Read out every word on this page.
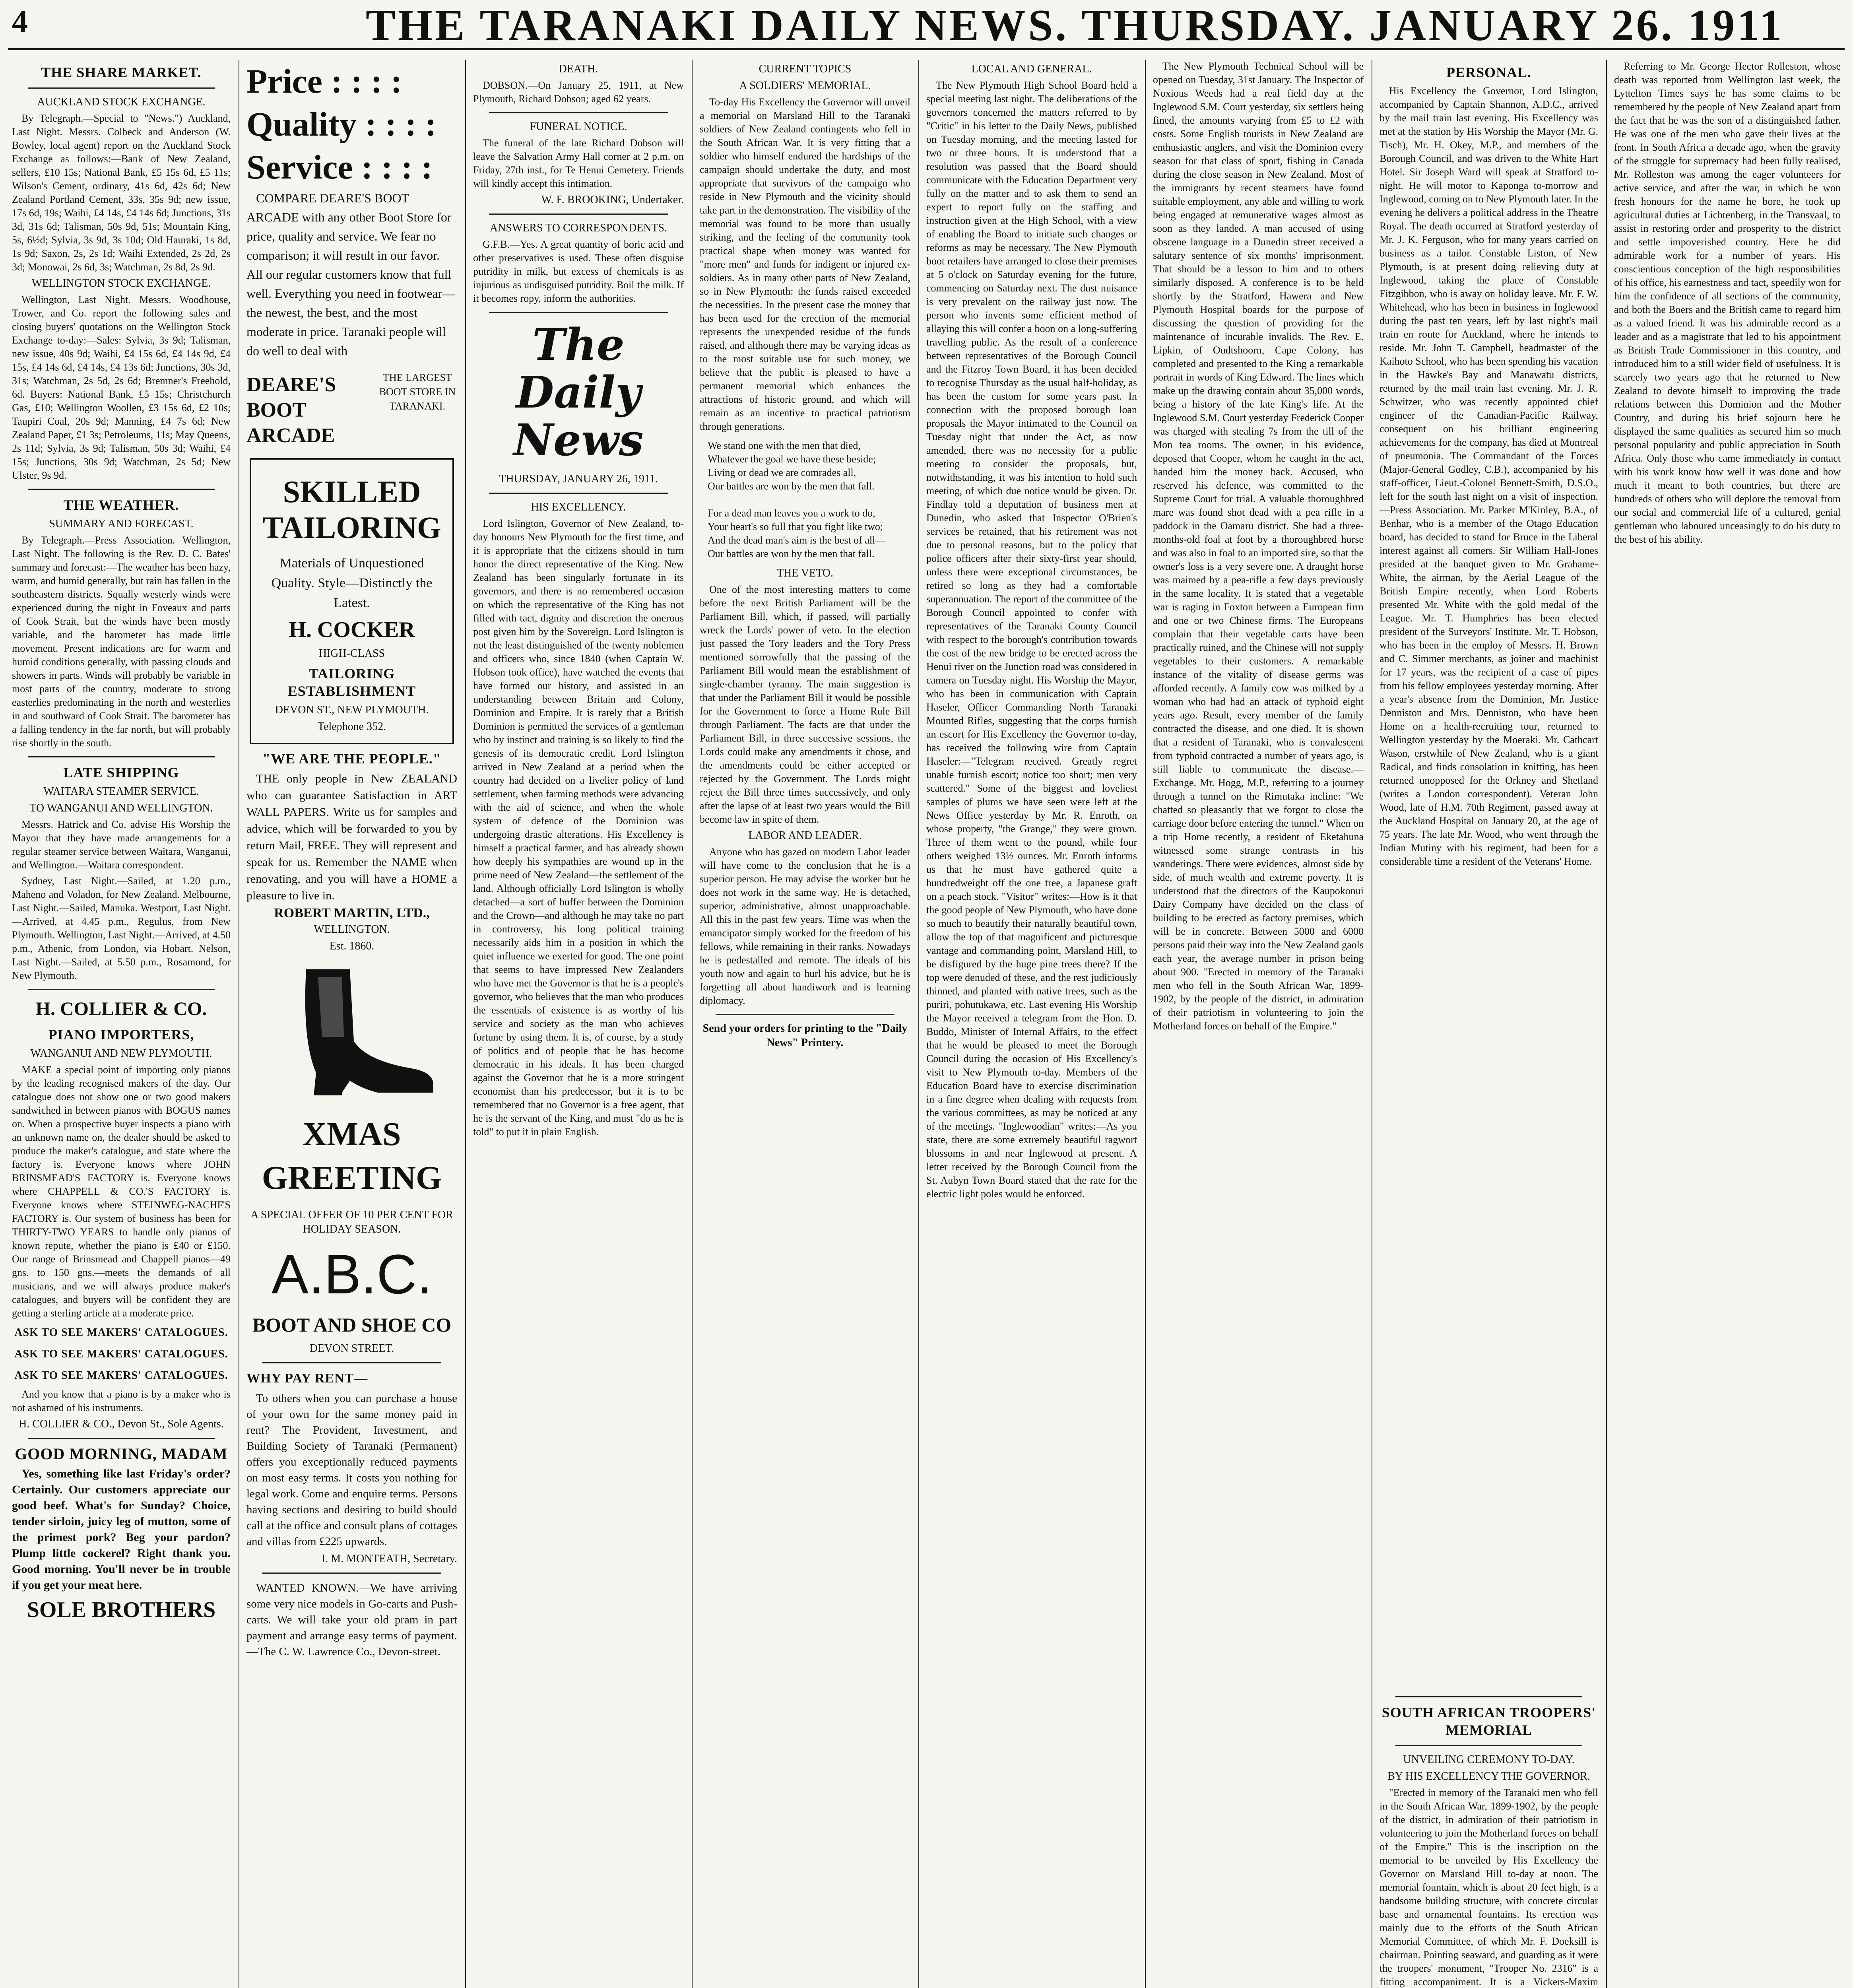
4	THE TARANAKI DAILY NEWS. THURSDAY. JANUARY 26. 1911
THE SHARE MARKET.
AUCKLAND STOCK EXCHANGE.

By Telegraph.—Special to "News.") Auckland, Last Night. Messrs. Colbeck and Anderson (W. Bowley, local agent) report on the Auckland Stock Exchange as follows:—Bank of New Zealand, sellers, £10 15s; National Bank, £5 15s 6d, £5 11s; Wilson's Cement, ordinary, 41s 6d, 42s 6d; New Zealand Portland Cement, 33s, 35s 9d; new issue, 17s 6d, 19s; Waihi, £4 14s, £4 14s 6d; Junctions, 31s 3d, 31s 6d; Talisman, 50s 9d, 51s; Mountain King, 5s, 6½d; Sylvia, 3s 9d, 3s 10d; Old Hauraki, 1s 8d, 1s 9d; Saxon, 2s, 2s 1d; Waihi Extended, 2s 2d, 2s 3d; Monowai, 2s 6d, 3s; Watchman, 2s 8d, 2s 9d.

WELLINGTON STOCK EXCHANGE.

Wellington, Last Night. Messrs. Woodhouse, Trower, and Co. report the following sales and closing buyers' quotations on the Wellington Stock Exchange to-day:—Sales: Sylvia, 3s 9d; Talisman, new issue, 40s 9d; Waihi, £4 15s 6d, £4 14s 9d, £4 15s, £4 14s 6d, £4 14s, £4 13s 6d; Junctions, 30s 3d, 31s; Watchman, 2s 5d, 2s 6d; Bremner's Freehold, 6d. Buyers: National Bank, £5 15s; Christchurch Gas, £10; Wellington Woollen, £3 15s 6d, £2 10s; Taupiri Coal, 20s 9d; Manning, £4 7s 6d; New Zealand Paper, £1 3s; Petroleums, 11s; May Queens, 2s 11d; Sylvia, 3s 9d; Talisman, 50s 3d; Waihi, £4 15s; Junctions, 30s 9d; Watchman, 2s 5d; New Ulster, 9s 9d.

THE WEATHER.
SUMMARY AND FORECAST.

By Telegraph.—Press Association. Wellington, Last Night. The following is the Rev. D. C. Bates' summary and forecast:—The weather has been hazy, warm, and humid generally, but rain has fallen in the southeastern districts. Squally westerly winds were experienced during the night in Foveaux and parts of Cook Strait, but the winds have been mostly variable, and the barometer has made little movement. Present indications are for warm and humid conditions generally, with passing clouds and showers in parts. Winds will probably be variable in most parts of the country, moderate to strong easterlies predominating in the north and westerlies in and southward of Cook Strait. The barometer has a falling tendency in the far north, but will probably rise shortly in the south.

LATE SHIPPING
WAITARA STEAMER SERVICE.
TO WANGANUI AND WELLINGTON.

Messrs. Hatrick and Co. advise His Worship the Mayor that they have made arrangements for a regular steamer service between Waitara, Wanganui, and Wellington.—Waitara correspondent.

Sydney, Last Night.—Sailed, at 1.20 p.m., Maheno and Voladon, for New Zealand. Melbourne, Last Night.—Sailed, Manuka. Westport, Last Night.—Arrived, at 4.45 p.m., Regulus, from New Plymouth. Wellington, Last Night.—Arrived, at 4.50 p.m., Athenic, from London, via Hobart. Nelson, Last Night.—Sailed, at 5.50 p.m., Rosamond, for New Plymouth.

H. COLLIER & CO.
PIANO IMPORTERS,
WANGANUI AND NEW PLYMOUTH.

MAKE a special point of importing only pianos by the leading recognised makers of the day. Our catalogue does not show one or two good makers sandwiched in between pianos with BOGUS names on. When a prospective buyer inspects a piano with an unknown name on, the dealer should be asked to produce the maker's catalogue, and state where the factory is. Everyone knows where JOHN BRINSMEAD'S FACTORY is. Everyone knows where CHAPPELL & CO.'S FACTORY is. Everyone knows where STEINWEG-NACHF'S FACTORY is. Our system of business has been for THIRTY-TWO YEARS to handle only pianos of known repute, whether the piano is £40 or £150. Our range of Brinsmead and Chappell pianos—49 gns. to 150 gns.—meets the demands of all musicians, and we will always produce maker's catalogues, and buyers will be confident they are getting a sterling article at a moderate price.

ASK TO SEE MAKERS' CATALOGUES.
ASK TO SEE MAKERS' CATALOGUES.
ASK TO SEE MAKERS' CATALOGUES.

And you know that a piano is by a maker who is not ashamed of his instruments.

H. COLLIER & CO., Devon St., Sole Agents.
GOOD MORNING, MADAM

Yes, something like last Friday's order? Certainly. Our customers appreciate our good beef. What's for Sunday? Choice, tender sirloin, juicy leg of mutton, some of the primest pork? Beg your pardon? Plump little cockerel? Right thank you. Good morning. You'll never be in trouble if you get your meat here.

SOLE BROTHERS
Price : : : :
Quality : : : :
Service : : : :

COMPARE DEARE'S BOOT ARCADE with any other Boot Store for price, quality and service. We fear no comparison; it will result in our favor. All our regular customers know that full well. Everything you need in footwear—the newest, the best, and the most moderate in price. Taranaki people will do well to deal with

DEARE'S BOOT ARCADE
THE LARGEST BOOT STORE IN TARANAKI.
SKILLED TAILORING

Materials of Unquestioned Quality. Style—Distinctly the Latest.

H. COCKER
HIGH-CLASS
TAILORING ESTABLISHMENT
DEVON ST., NEW PLYMOUTH.
Telephone 352.
"WE ARE THE PEOPLE."

THE only people in New ZEALAND who can guarantee Satisfaction in ART WALL PAPERS. Write us for samples and advice, which will be forwarded to you by return Mail, FREE. They will represent and speak for us. Remember the NAME when renovating, and you will have a HOME a pleasure to live in.

ROBERT MARTIN, LTD.,
WELLINGTON.
Est. 1860.
XMAS GREETING
A SPECIAL OFFER OF 10 PER CENT FOR HOLIDAY SEASON.
A.B.C.
BOOT AND SHOE CO
DEVON STREET.
WHY PAY RENT—

To others when you can purchase a house of your own for the same money paid in rent? The Provident, Investment, and Building Society of Taranaki (Permanent) offers you exceptionally reduced payments on most easy terms. It costs you nothing for legal work. Come and enquire terms. Persons having sections and desiring to build should call at the office and consult plans of cottages and villas from £225 upwards.

I. M. MONTEATH, Secretary.

WANTED KNOWN.—We have arriving some very nice models in Go-carts and Push-carts. We will take your old pram in part payment and arrange easy terms of payment.—The C. W. Lawrence Co., Devon-street.

DEATH.

DOBSON.—On January 25, 1911, at New Plymouth, Richard Dobson; aged 62 years.

FUNERAL NOTICE.

The funeral of the late Richard Dobson will leave the Salvation Army Hall corner at 2 p.m. on Friday, 27th inst., for Te Henui Cemetery. Friends will kindly accept this intimation.

W. F. BROOKING, Undertaker.
ANSWERS TO CORRESPONDENTS.

G.F.B.—Yes. A great quantity of boric acid and other preservatives is used. These often disguise putridity in milk, but excess of chemicals is as injurious as undisguised putridity. Boil the milk. If it becomes ropy, inform the authorities.

The Daily News
THURSDAY, JANUARY 26, 1911.
HIS EXCELLENCY.

Lord Islington, Governor of New Zealand, to-day honours New Plymouth for the first time, and it is appropriate that the citizens should in turn honor the direct representative of the King. New Zealand has been singularly fortunate in its governors, and there is no remembered occasion on which the representative of the King has not filled with tact, dignity and discretion the onerous post given him by the Sovereign. Lord Islington is not the least distinguished of the twenty noblemen and officers who, since 1840 (when Captain W. Hobson took office), have watched the events that have formed our history, and assisted in an understanding between Britain and Colony, Dominion and Empire. It is rarely that a British Dominion is permitted the services of a gentleman who by instinct and training is so likely to find the genesis of its democratic credit. Lord Islington arrived in New Zealand at a period when the country had decided on a livelier policy of land settlement, when farming methods were advancing with the aid of science, and when the whole system of defence of the Dominion was undergoing drastic alterations. His Excellency is himself a practical farmer, and has already shown how deeply his sympathies are wound up in the prime need of New Zealand—the settlement of the land. Although officially Lord Islington is wholly detached—a sort of buffer between the Dominion and the Crown—and although he may take no part in controversy, his long political training necessarily aids him in a position in which the quiet influence we exerted for good. The one point that seems to have impressed New Zealanders who have met the Governor is that he is a people's governor, who believes that the man who produces the essentials of existence is as worthy of his service and society as the man who achieves fortune by using them. It is, of course, by a study of politics and of people that he has become democratic in his ideals. It has been charged against the Governor that he is a more stringent economist than his predecessor, but it is to be remembered that no Governor is a free agent, that he is the servant of the King, and must "do as he is told" to put it in plain English.

CURRENT TOPICS
A SOLDIERS' MEMORIAL.

To-day His Excellency the Governor will unveil a memorial on Marsland Hill to the Taranaki soldiers of New Zealand contingents who fell in the South African War. It is very fitting that a soldier who himself endured the hardships of the campaign should undertake the duty, and most appropriate that survivors of the campaign who reside in New Plymouth and the vicinity should take part in the demonstration. The visibility of the memorial was found to be more than usually striking, and the feeling of the community took practical shape when money was wanted for "more men" and funds for indigent or injured ex-soldiers. As in many other parts of New Zealand, so in New Plymouth: the funds raised exceeded the necessities. In the present case the money that has been used for the erection of the memorial represents the unexpended residue of the funds raised, and although there may be varying ideas as to the most suitable use for such money, we believe that the public is pleased to have a permanent memorial which enhances the attractions of historic ground, and which will remain as an incentive to practical patriotism through generations.

We stand one with the men that died,

Whatever the goal we have these beside;

Living or dead we are comrades all,

Our battles are won by the men that fall.

For a dead man leaves you a work to do,

Your heart's so full that you fight like two;

And the dead man's aim is the best of all—

Our battles are won by the men that fall.

THE VETO.

One of the most interesting matters to come before the next British Parliament will be the Parliament Bill, which, if passed, will partially wreck the Lords' power of veto. In the election just passed the Tory leaders and the Tory Press mentioned sorrowfully that the passing of the Parliament Bill would mean the establishment of single-chamber tyranny. The main suggestion is that under the Parliament Bill it would be possible for the Government to force a Home Rule Bill through Parliament. The facts are that under the Parliament Bill, in three successive sessions, the Lords could make any amendments it chose, and the amendments could be either accepted or rejected by the Government. The Lords might reject the Bill three times successively, and only after the lapse of at least two years would the Bill become law in spite of them.

LABOR AND LEADER.

Anyone who has gazed on modern Labor leader will have come to the conclusion that he is a superior person. He may advise the worker but he does not work in the same way. He is detached, superior, administrative, almost unapproachable. All this in the past few years. Time was when the emancipator simply worked for the freedom of his fellows, while remaining in their ranks. Nowadays he is pedestalled and remote. The ideals of his youth now and again to hurl his advice, but he is forgetting all about handiwork and is learning diplomacy.

Send your orders for printing to the "Daily News" Printery.
LOCAL AND GENERAL.

The New Plymouth High School Board held a special meeting last night. The deliberations of the governors concerned the matters referred to by "Critic" in his letter to the Daily News, published on Tuesday morning, and the meeting lasted for two or three hours. It is understood that a resolution was passed that the Board should communicate with the Education Department very fully on the matter and to ask them to send an expert to report fully on the staffing and instruction given at the High School, with a view of enabling the Board to initiate such changes or reforms as may be necessary. The New Plymouth boot retailers have arranged to close their premises at 5 o'clock on Saturday evening for the future, commencing on Saturday next. The dust nuisance is very prevalent on the railway just now. The person who invents some efficient method of allaying this will confer a boon on a long-suffering travelling public. As the result of a conference between representatives of the Borough Council and the Fitzroy Town Board, it has been decided to recognise Thursday as the usual half-holiday, as has been the custom for some years past. In connection with the proposed borough loan proposals the Mayor intimated to the Council on Tuesday night that under the Act, as now amended, there was no necessity for a public meeting to consider the proposals, but, notwithstanding, it was his intention to hold such meeting, of which due notice would be given. Dr. Findlay told a deputation of business men at Dunedin, who asked that Inspector O'Brien's services be retained, that his retirement was not due to personal reasons, but to the policy that police officers after their sixty-first year should, unless there were exceptional circumstances, be retired so long as they had a comfortable superannuation. The report of the committee of the Borough Council appointed to confer with representatives of the Taranaki County Council with respect to the borough's contribution towards the cost of the new bridge to be erected across the Henui river on the Junction road was considered in camera on Tuesday night. His Worship the Mayor, who has been in communication with Captain Haseler, Officer Commanding North Taranaki Mounted Rifles, suggesting that the corps furnish an escort for His Excellency the Governor to-day, has received the following wire from Captain Haseler:—"Telegram received. Greatly regret unable furnish escort; notice too short; men very scattered." Some of the biggest and loveliest samples of plums we have seen were left at the News Office yesterday by Mr. R. Enroth, on whose property, "the Grange," they were grown. Three of them went to the pound, while four others weighed 13½ ounces. Mr. Enroth informs us that he must have gathered quite a hundredweight off the one tree, a Japanese graft on a peach stock. "Visitor" writes:—How is it that the good people of New Plymouth, who have done so much to beautify their naturally beautiful town, allow the top of that magnificent and picturesque vantage and commanding point, Marsland Hill, to be disfigured by the huge pine trees there? If the top were denuded of these, and the rest judiciously thinned, and planted with native trees, such as the puriri, pohutukawa, etc. Last evening His Worship the Mayor received a telegram from the Hon. D. Buddo, Minister of Internal Affairs, to the effect that he would be pleased to meet the Borough Council during the occasion of His Excellency's visit to New Plymouth to-day. Members of the Education Board have to exercise discrimination in a fine degree when dealing with requests from the various committees, as may be noticed at any of the meetings. "Inglewoodian" writes:—As you state, there are some extremely beautiful ragwort blossoms in and near Inglewood at present. A letter received by the Borough Council from the St. Aubyn Town Board stated that the rate for the electric light poles would be enforced.

The New Plymouth Technical School will be opened on Tuesday, 31st January. The Inspector of Noxious Weeds had a real field day at the Inglewood S.M. Court yesterday, six settlers being fined, the amounts varying from £5 to £2 with costs. Some English tourists in New Zealand are enthusiastic anglers, and visit the Dominion every season for that class of sport, fishing in Canada during the close season in New Zealand. Most of the immigrants by recent steamers have found suitable employment, any able and willing to work being engaged at remunerative wages almost as soon as they landed. A man accused of using obscene language in a Dunedin street received a salutary sentence of six months' imprisonment. That should be a lesson to him and to others similarly disposed. A conference is to be held shortly by the Stratford, Hawera and New Plymouth Hospital boards for the purpose of discussing the question of providing for the maintenance of incurable invalids. The Rev. E. Lipkin, of Oudtshoorn, Cape Colony, has completed and presented to the King a remarkable portrait in words of King Edward. The lines which make up the drawing contain about 35,000 words, being a history of the late King's life. At the Inglewood S.M. Court yesterday Frederick Cooper was charged with stealing 7s from the till of the Mon tea rooms. The owner, in his evidence, deposed that Cooper, whom he caught in the act, handed him the money back. Accused, who reserved his defence, was committed to the Supreme Court for trial. A valuable thoroughbred mare was found shot dead with a pea rifle in a paddock in the Oamaru district. She had a three-months-old foal at foot by a thoroughbred horse and was also in foal to an imported sire, so that the owner's loss is a very severe one. A draught horse was maimed by a pea-rifle a few days previously in the same locality. It is stated that a vegetable war is raging in Foxton between a European firm and one or two Chinese firms. The Europeans complain that their vegetable carts have been practically ruined, and the Chinese will not supply vegetables to their customers. A remarkable instance of the vitality of disease germs was afforded recently. A family cow was milked by a woman who had had an attack of typhoid eight years ago. Result, every member of the family contracted the disease, and one died. It is shown that a resident of Taranaki, who is convalescent from typhoid contracted a number of years ago, is still liable to communicate the disease.—Exchange. Mr. Hogg, M.P., referring to a journey through a tunnel on the Rimutaka incline: "We chatted so pleasantly that we forgot to close the carriage door before entering the tunnel." When on a trip Home recently, a resident of Eketahuna witnessed some strange contrasts in his wanderings. There were evidences, almost side by side, of much wealth and extreme poverty. It is understood that the directors of the Kaupokonui Dairy Company have decided on the class of building to be erected as factory premises, which will be in concrete. Between 5000 and 6000 persons paid their way into the New Zealand gaols each year, the average number in prison being about 900. "Erected in memory of the Taranaki men who fell in the South African War, 1899-1902, by the people of the district, in admiration of their patriotism in volunteering to join the Motherland forces on behalf of the Empire."

PERSONAL.

His Excellency the Governor, Lord Islington, accompanied by Captain Shannon, A.D.C., arrived by the mail train last evening. His Excellency was met at the station by His Worship the Mayor (Mr. G. Tisch), Mr. H. Okey, M.P., and members of the Borough Council, and was driven to the White Hart Hotel. Sir Joseph Ward will speak at Stratford to-night. He will motor to Kaponga to-morrow and Inglewood, coming on to New Plymouth later. In the evening he delivers a political address in the Theatre Royal. The death occurred at Stratford yesterday of Mr. J. K. Ferguson, who for many years carried on business as a tailor. Constable Liston, of New Plymouth, is at present doing relieving duty at Inglewood, taking the place of Constable Fitzgibbon, who is away on holiday leave. Mr. F. W. Whitehead, who has been in business in Inglewood during the past ten years, left by last night's mail train en route for Auckland, where he intends to reside. Mr. John T. Campbell, headmaster of the Kaihoto School, who has been spending his vacation in the Hawke's Bay and Manawatu districts, returned by the mail train last evening. Mr. J. R. Schwitzer, who was recently appointed chief engineer of the Canadian-Pacific Railway, consequent on his brilliant engineering achievements for the company, has died at Montreal of pneumonia. The Commandant of the Forces (Major-General Godley, C.B.), accompanied by his staff-officer, Lieut.-Colonel Bennett-Smith, D.S.O., left for the south last night on a visit of inspection.—Press Association. Mr. Parker M'Kinley, B.A., of Benhar, who is a member of the Otago Education board, has decided to stand for Bruce in the Liberal interest against all comers. Sir William Hall-Jones presided at the banquet given to Mr. Grahame-White, the airman, by the Aerial League of the British Empire recently, when Lord Roberts presented Mr. White with the gold medal of the League. Mr. T. Humphries has been elected president of the Surveyors' Institute. Mr. T. Hobson, who has been in the employ of Messrs. H. Brown and C. Simmer merchants, as joiner and machinist for 17 years, was the recipient of a case of pipes from his fellow employees yesterday morning. After a year's absence from the Dominion, Mr. Justice Denniston and Mrs. Denniston, who have been Home on a health-recruiting tour, returned to Wellington yesterday by the Moeraki. Mr. Cathcart Wason, erstwhile of New Zealand, who is a giant Radical, and finds consolation in knitting, has been returned unopposed for the Orkney and Shetland (writes a London correspondent). Veteran John Wood, late of H.M. 70th Regiment, passed away at the Auckland Hospital on January 20, at the age of 75 years. The late Mr. Wood, who went through the Indian Mutiny with his regiment, had been for a considerable time a resident of the Veterans' Home.

SOUTH AFRICAN TROOPERS' MEMORIAL
UNVEILING CEREMONY TO-DAY.
BY HIS EXCELLENCY THE GOVERNOR.

"Erected in memory of the Taranaki men who fell in the South African War, 1899-1902, by the people of the district, in admiration of their patriotism in volunteering to join the Motherland forces on behalf of the Empire." This is the inscription on the memorial to be unveiled by His Excellency the Governor on Marsland Hill to-day at noon. The memorial fountain, which is about 20 feet high, is a handsome building structure, with concrete circular base and ornamental fountains. Its erection was mainly due to the efforts of the South African Memorial Committee, of which Mr. F. Doeksill is chairman. Pointing seaward, and guarding as it were the troopers' monument, "Trooper No. 2316" is a fitting accompaniment. It is a Vickers-Maxim

Referring to Mr. George Hector Rolleston, whose death was reported from Wellington last week, the Lyttelton Times says he has some claims to be remembered by the people of New Zealand apart from the fact that he was the son of a distinguished father. He was one of the men who gave their lives at the front. In South Africa a decade ago, when the gravity of the struggle for supremacy had been fully realised, Mr. Rolleston was among the eager volunteers for active service, and after the war, in which he won fresh honours for the name he bore, he took up agricultural duties at Lichtenberg, in the Transvaal, to assist in restoring order and prosperity to the district and settle impoverished country. Here he did admirable work for a number of years. His conscientious conception of the high responsibilities of his office, his earnestness and tact, speedily won for him the confidence of all sections of the community, and both the Boers and the British came to regard him as a valued friend. It was his admirable record as a leader and as a magistrate that led to his appointment as British Trade Commissioner in this country, and introduced him to a still wider field of usefulness. It is scarcely two years ago that he returned to New Zealand to devote himself to improving the trade relations between this Dominion and the Mother Country, and during his brief sojourn here he displayed the same qualities as secured him so much personal popularity and public appreciation in South Africa. Only those who came immediately in contact with his work know how well it was done and how much it meant to both countries, but there are hundreds of others who will deplore the removal from our social and commercial life of a cultured, genial gentleman who laboured unceasingly to do his duty to the best of his ability.
